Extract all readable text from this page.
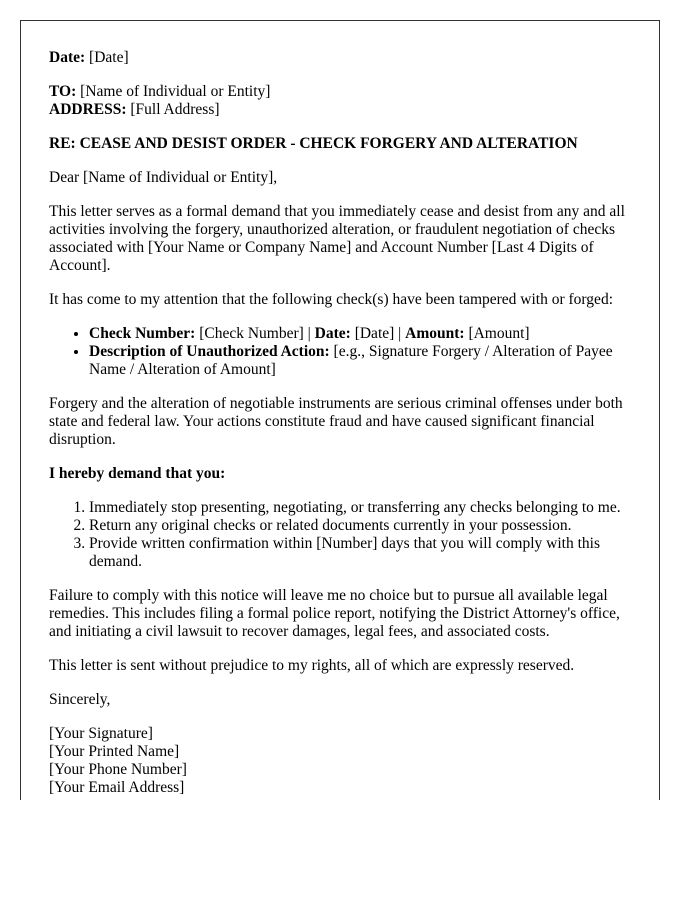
Date: [Date]

TO: [Name of Individual or Entity]

ADDRESS: [Full Address]

RE: CEASE AND DESIST ORDER - CHECK FORGERY AND ALTERATION

Dear [Name of Individual or Entity],

This letter serves as a formal demand that you immediately cease and desist from any and all activities involving the forgery, unauthorized alteration, or fraudulent negotiation of checks associated with [Your Name or Company Name] and Account Number [Last 4 Digits of Account].

It has come to my attention that the following check(s) have been tampered with or forged:

• Check Number: [Check Number] | Date: [Date] | Amount: [Amount]
• Description of Unauthorized Action: [e.g., Signature Forgery / Alteration of Payee Name / Alteration of Amount]

Forgery and the alteration of negotiable instruments are serious criminal offenses under both state and federal law. Your actions constitute fraud and have caused significant financial disruption.

I hereby demand that you:

1. Immediately stop presenting, negotiating, or transferring any checks belonging to me.
2. Return any original checks or related documents currently in your possession.
3. Provide written confirmation within [Number] days that you will comply with this demand.

Failure to comply with this notice will leave me no choice but to pursue all available legal remedies. This includes filing a formal police report, notifying the District Attorney's office, and initiating a civil lawsuit to recover damages, legal fees, and associated costs.

This letter is sent without prejudice to my rights, all of which are expressly reserved.

Sincerely,

[Your Signature]

[Your Printed Name]

[Your Phone Number]

[Your Email Address]
